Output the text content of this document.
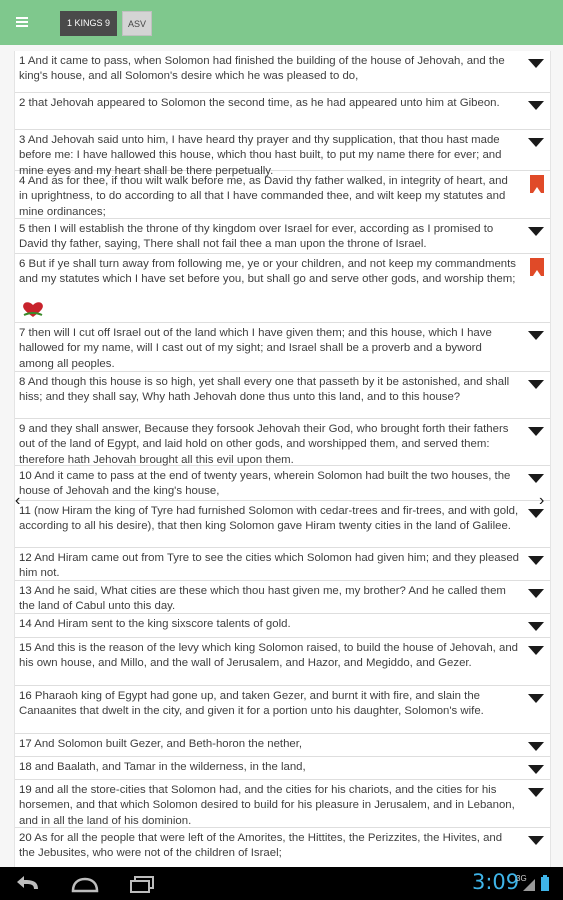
1 KINGS 9	ASV

1 And it came to pass, when Solomon had finished the building of the house of Jehovah, and the king's house, and all Solomon's desire which he was pleased to do,

2 that Jehovah appeared to Solomon the second time, as he had appeared unto him at Gibeon.

3 And Jehovah said unto him, I have heard thy prayer and thy supplication, that thou hast made before me: I have hallowed this house, which thou hast built, to put my name there for ever; and mine eyes and my heart shall be there perpetually.

4 And as for thee, if thou wilt walk before me, as David thy father walked, in integrity of heart, and in uprightness, to do according to all that I have commanded thee, and wilt keep my statutes and mine ordinances;

5 then I will establish the throne of thy kingdom over Israel for ever, according as I promised to David thy father, saying, There shall not fail thee a man upon the throne of Israel.

6 But if ye shall turn away from following me, ye or your children, and not keep my commandments and my statutes which I have set before you, but shall go and serve other gods, and worship them;

7 then will I cut off Israel out of the land which I have given them; and this house, which I have hallowed for my name, will I cast out of my sight; and Israel shall be a proverb and a byword among all peoples.

8 And though this house is so high, yet shall every one that passeth by it be astonished, and shall hiss; and they shall say, Why hath Jehovah done thus unto this land, and to this house?

9 and they shall answer, Because they forsook Jehovah their God, who brought forth their fathers out of the land of Egypt, and laid hold on other gods, and worshipped them, and served them: therefore hath Jehovah brought all this evil upon them.

10 And it came to pass at the end of twenty years, wherein Solomon had built the two houses, the house of Jehovah and the king's house,

11 (now Hiram the king of Tyre had furnished Solomon with cedar-trees and fir-trees, and with gold, according to all his desire), that then king Solomon gave Hiram twenty cities in the land of Galilee.

12 And Hiram came out from Tyre to see the cities which Solomon had given him; and they pleased him not.

13 And he said, What cities are these which thou hast given me, my brother? And he called them the land of Cabul unto this day.

14 And Hiram sent to the king sixscore talents of gold.

15 And this is the reason of the levy which king Solomon raised, to build the house of Jehovah, and his own house, and Millo, and the wall of Jerusalem, and Hazor, and Megiddo, and Gezer.

16 Pharaoh king of Egypt had gone up, and taken Gezer, and burnt it with fire, and slain the Canaanites that dwelt in the city, and given it for a portion unto his daughter, Solomon's wife.

17 And Solomon built Gezer, and Beth-horon the nether,

18 and Baalath, and Tamar in the wilderness, in the land,

19 and all the store-cities that Solomon had, and the cities for his chariots, and the cities for his horsemen, and that which Solomon desired to build for his pleasure in Jerusalem, and in Lebanon, and in all the land of his dominion.

20 As for all the people that were left of the Amorites, the Hittites, the Perizzites, the Hivites, and the Jebusites, who were not of the children of Israel;

‹	›
3:09
3G
